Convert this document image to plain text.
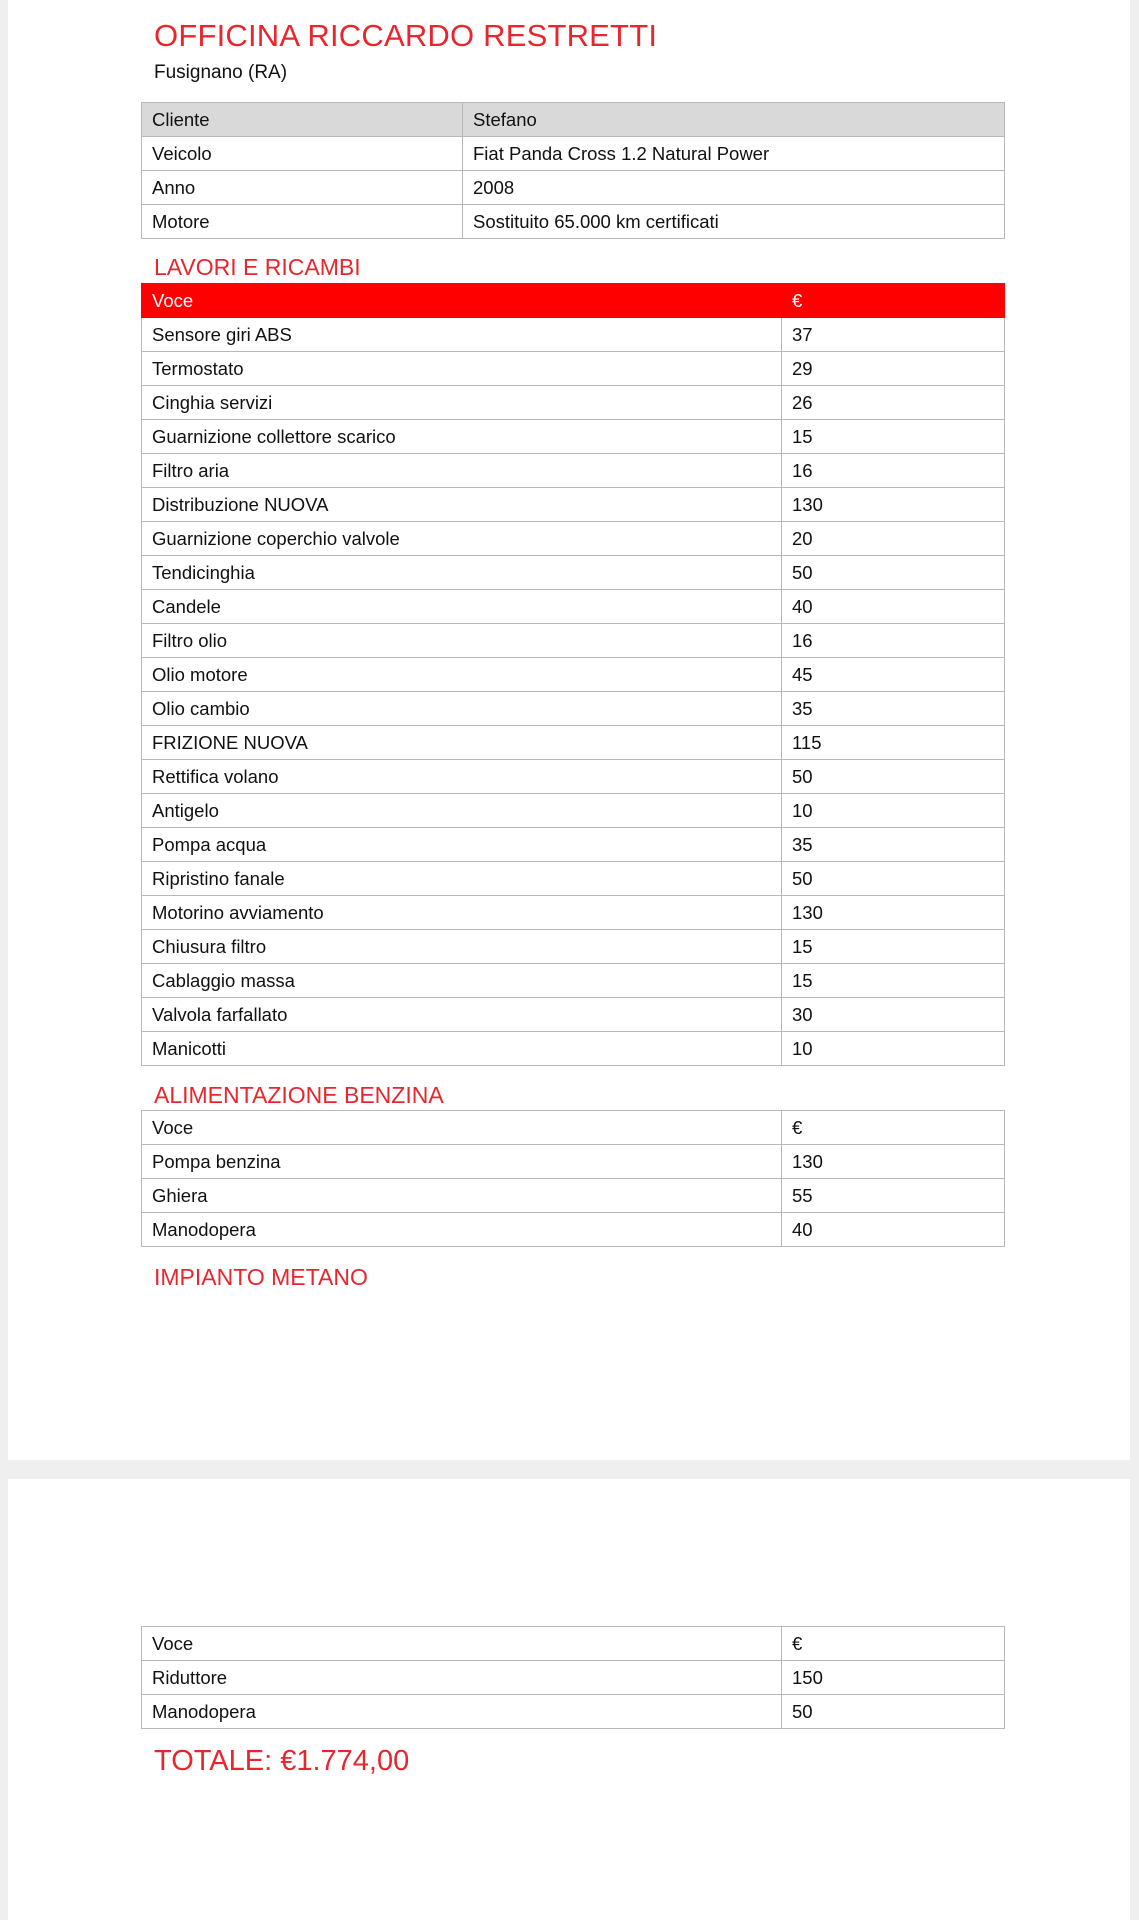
OFFICINA RICCARDO RESTRETTI
Fusignano (RA)
Cliente	Stefano
Veicolo	Fiat Panda Cross 1.2 Natural Power
Anno	2008
Motore	Sostituito 65.000 km certificati
LAVORI E RICAMBI
Voce	€
Sensore giri ABS	37
Termostato	29
Cinghia servizi	26
Guarnizione collettore scarico	15
Filtro aria	16
Distribuzione NUOVA	130
Guarnizione coperchio valvole	20
Tendicinghia	50
Candele	40
Filtro olio	16
Olio motore	45
Olio cambio	35
FRIZIONE NUOVA	115
Rettifica volano	50
Antigelo	10
Pompa acqua	35
Ripristino fanale	50
Motorino avviamento	130
Chiusura filtro	15
Cablaggio massa	15
Valvola farfallato	30
Manicotti	10
ALIMENTAZIONE BENZINA
Voce	€
Pompa benzina	130
Ghiera	55
Manodopera	40
IMPIANTO METANO
Voce	€
Riduttore	150
Manodopera	50
TOTALE: €1.774,00
